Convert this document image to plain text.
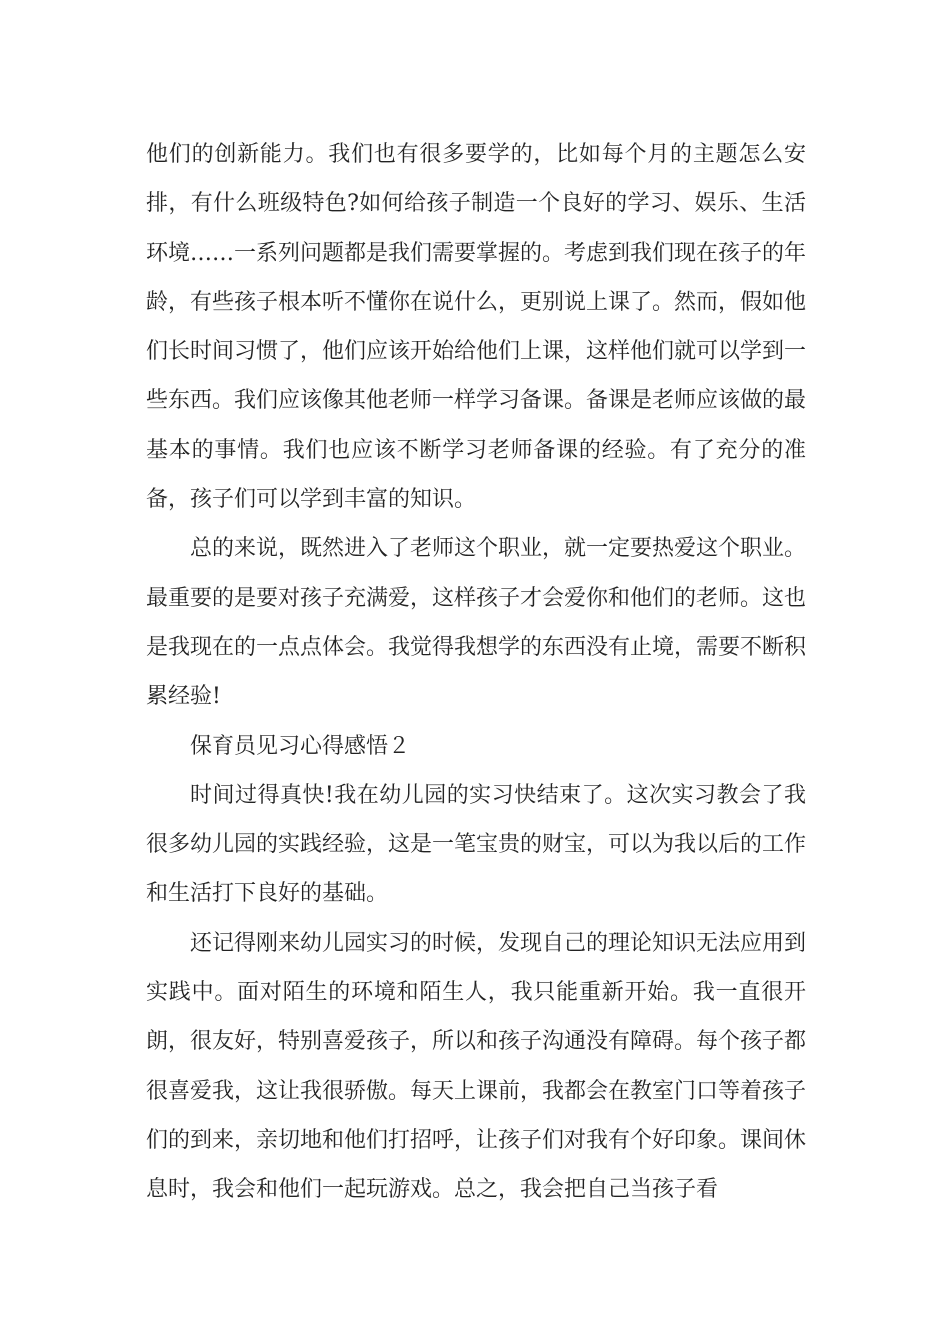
他们的创新能力。我们也有很多要学的，比如每个月的主题怎么安排，有什么班级特色?如何给孩子制造一个良好的学习、娱乐、生活环境……一系列问题都是我们需要掌握的。考虑到我们现在孩子的年龄，有些孩子根本听不懂你在说什么，更别说上课了。然而，假如他们长时间习惯了，他们应该开始给他们上课，这样他们就可以学到一些东西。我们应该像其他老师一样学习备课。备课是老师应该做的最基本的事情。我们也应该不断学习老师备课的经验。有了充分的准备，孩子们可以学到丰富的知识。

总的来说，既然进入了老师这个职业，就一定要热爱这个职业。最重要的是要对孩子充满爱，这样孩子才会爱你和他们的老师。这也是我现在的一点点体会。我觉得我想学的东西没有止境，需要不断积累经验!

保育员见习心得感悟２

时间过得真快!我在幼儿园的实习快结束了。这次实习教会了我很多幼儿园的实践经验，这是一笔宝贵的财宝，可以为我以后的工作和生活打下良好的基础。

还记得刚来幼儿园实习的时候，发现自己的理论知识无法应用到实践中。面对陌生的环境和陌生人，我只能重新开始。我一直很开朗，很友好，特别喜爱孩子，所以和孩子沟通没有障碍。每个孩子都很喜爱我，这让我很骄傲。每天上课前，我都会在教室门口等着孩子们的到来，亲切地和他们打招呼，让孩子们对我有个好印象。课间休息时，我会和他们一起玩游戏。总之，我会把自己当孩子看
